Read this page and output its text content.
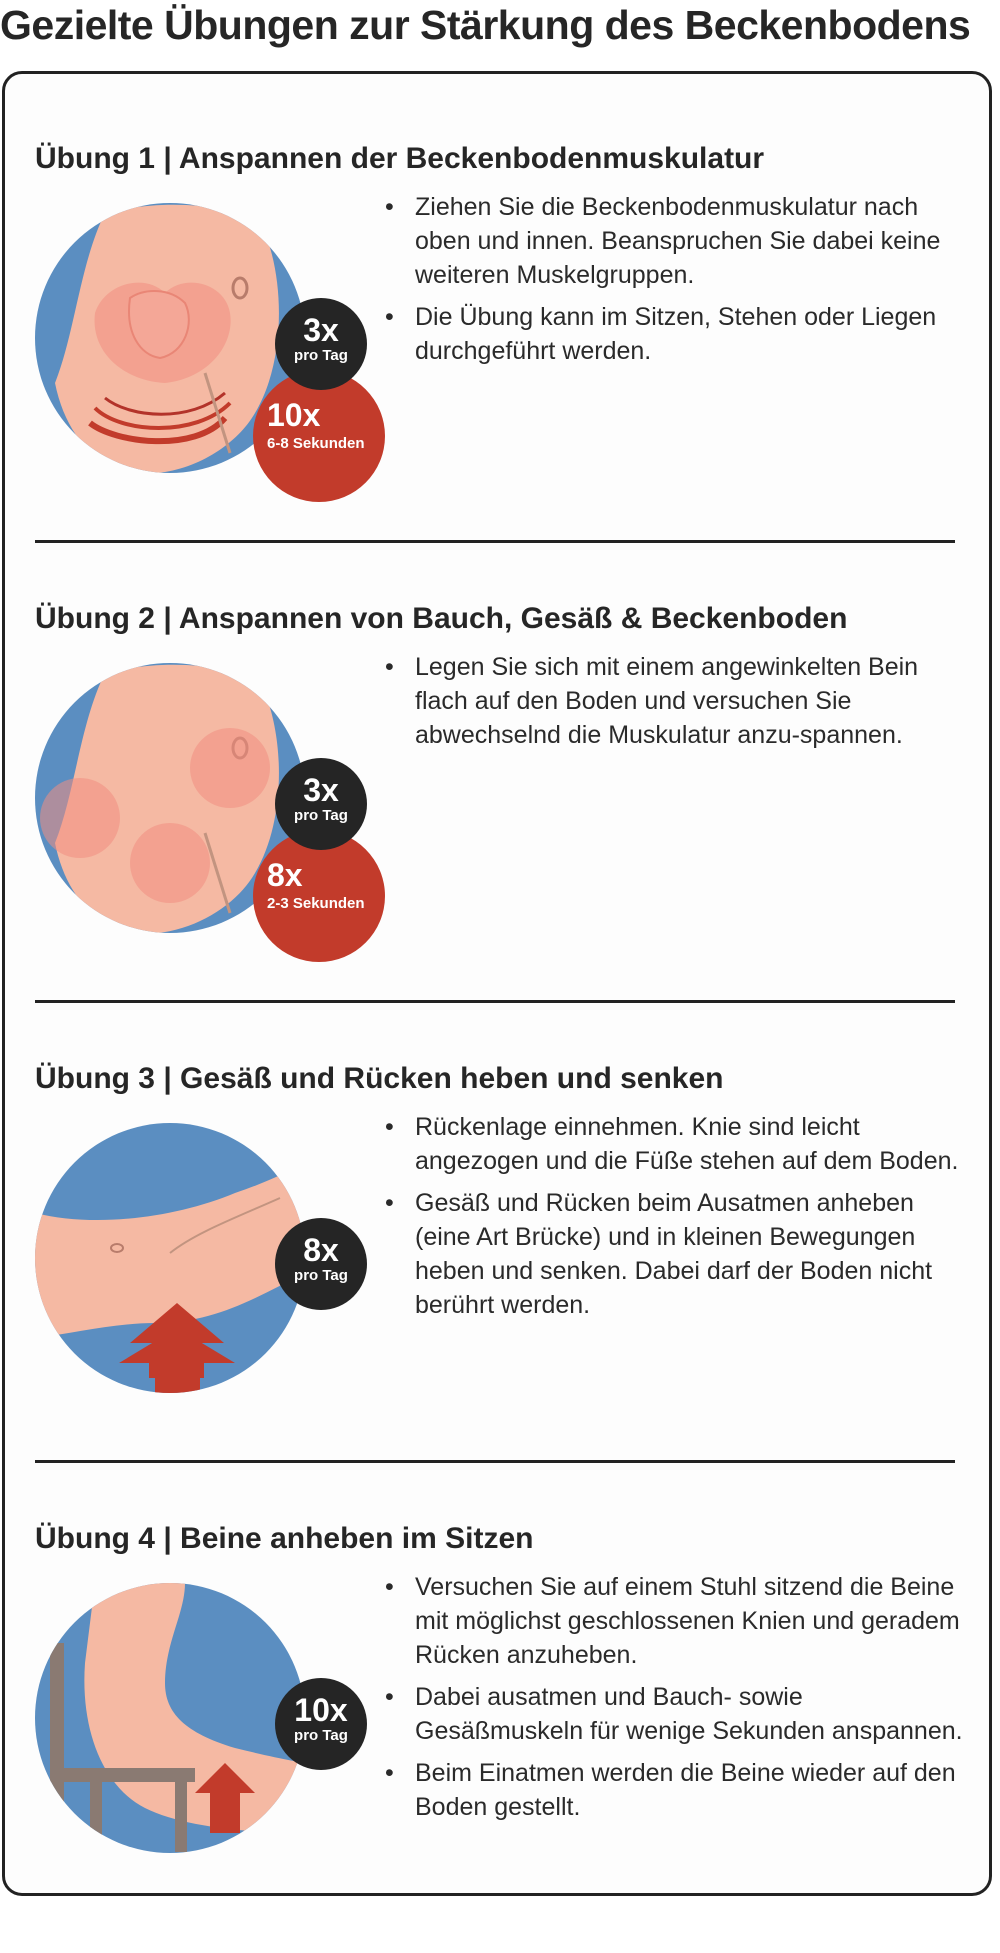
Gezielte Übungen zur Stärkung des Beckenbodens
Übung 1 | Anspannen der Beckenbodenmuskulatur
10x
6-8 Sekunden
3x
pro Tag
• Ziehen Sie die Beckenbodenmuskulatur nach oben und innen. Beanspruchen Sie dabei keine weiteren Muskelgruppen.
• Die Übung kann im Sitzen, Stehen oder Liegen durchgeführt werden.
Übung 2 | Anspannen von Bauch, Gesäß & Beckenboden
8x
2-3 Sekunden
3x
pro Tag
• Legen Sie sich mit einem angewinkelten Bein flach auf den Boden und versuchen Sie abwechselnd die Muskulatur anzu-spannen.
Übung 3 | Gesäß und Rücken heben und senken
8x
pro Tag
• Rückenlage einnehmen. Knie sind leicht angezogen und die Füße stehen auf dem Boden.
• Gesäß und Rücken beim Ausatmen anheben (eine Art Brücke) und in kleinen Bewegungen heben und senken. Dabei darf der Boden nicht berührt werden.
Übung 4 | Beine anheben im Sitzen
10x
pro Tag
• Versuchen Sie auf einem Stuhl sitzend die Beine mit möglichst geschlossenen Knien und geradem Rücken anzuheben.
• Dabei ausatmen und Bauch- sowie Gesäßmuskeln für wenige Sekunden anspannen.
• Beim Einatmen werden die Beine wieder auf den Boden gestellt.
